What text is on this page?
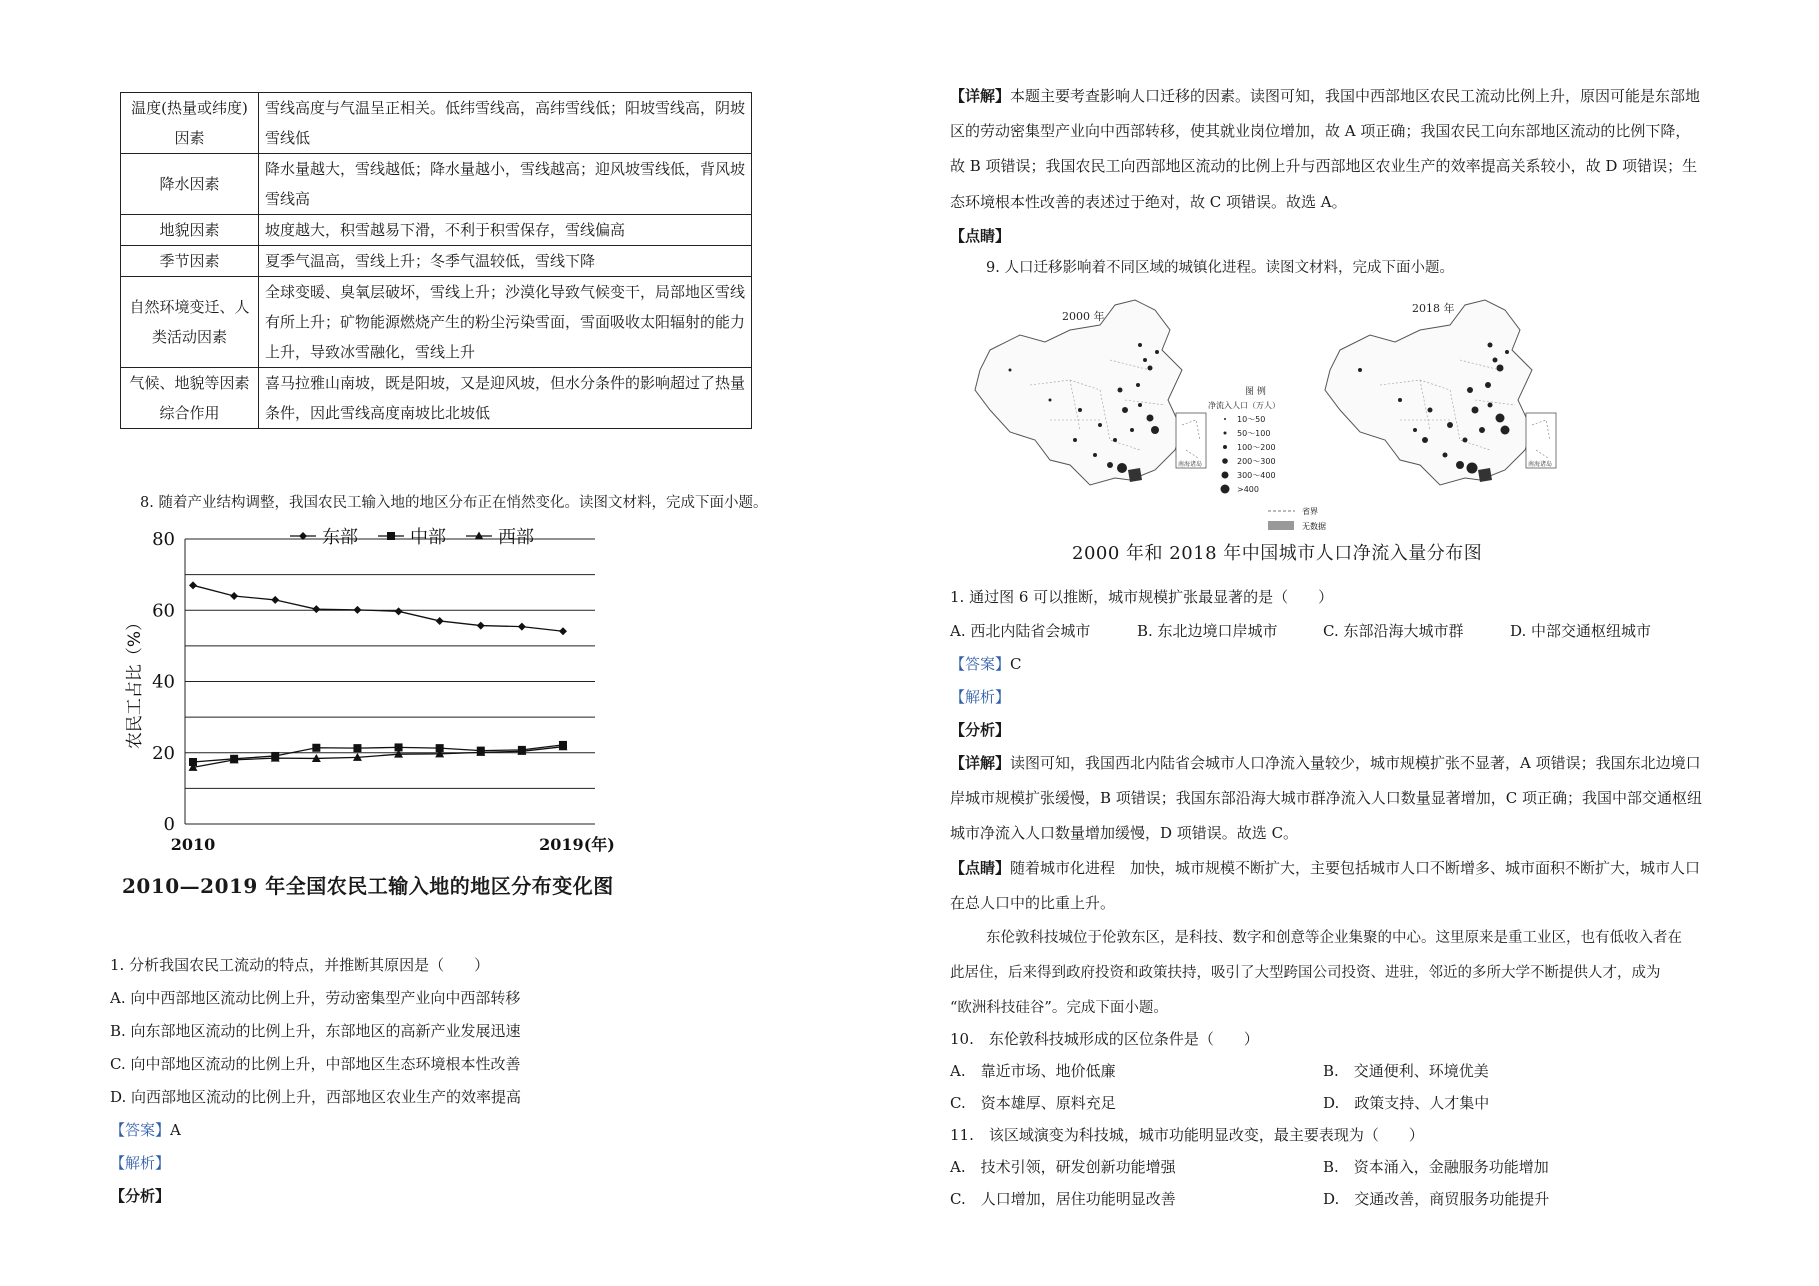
温度(热量或纬度)因素	雪线高度与气温呈正相关。低纬雪线高，高纬雪线低；阳坡雪线高，阴坡雪线低
降水因素	降水量越大，雪线越低；降水量越小，雪线越高；迎风坡雪线低，背风坡雪线高
地貌因素	坡度越大，积雪越易下滑，不利于积雪保存，雪线偏高
季节因素	夏季气温高，雪线上升；冬季气温较低，雪线下降
自然环境变迁、人类活动因素	全球变暖、臭氧层破坏，雪线上升；沙漠化导致气候变干，局部地区雪线有所上升；矿物能源燃烧产生的粉尘污染雪面，雪面吸收太阳辐射的能力上升，导致冰雪融化，雪线上升
气候、地貌等因素综合作用	喜马拉雅山南坡，既是阳坡，又是迎风坡，但水分条件的影响超过了热量条件，因此雪线高度南坡比北坡低
8. 随着产业结构调整，我国农民工输入地的地区分布正在悄然变化。读图文材料，完成下面小题。
0
20
40
60
80
2010	2019(年)
农民工占比（%）
东部	中部	西部
2010—2019 年全国农民工输入地的地区分布变化图
1. 分析我国农民工流动的特点，并推断其原因是（　　）
A. 向中西部地区流动比例上升，劳动密集型产业向中西部转移
B. 向东部地区流动的比例上升，东部地区的高新产业发展迅速
C. 向中部地区流动的比例上升，中部地区生态环境根本性改善
D. 向西部地区流动的比例上升，西部地区农业生产的效率提高
【答案】A
【解析】
【分析】
【详解】本题主要考查影响人口迁移的因素。读图可知，我国中西部地区农民工流动比例上升，原因可能是东部地
区的劳动密集型产业向中西部转移，使其就业岗位增加，故 A 项正确；我国农民工向东部地区流动的比例下降，
故 B 项错误；我国农民工向西部地区流动的比例上升与西部地区农业生产的效率提高关系较小，故 D 项错误；生
态环境根本性改善的表述过于绝对，故 C 项错误。故选 A。
【点睛】
9. 人口迁移影响着不同区域的城镇化进程。读图文材料，完成下面小题。
南海诸岛
2000 年
图 例
净流入人口（万人）
10～50
50～100
100～200
200～300
300～400
>400
省界
无数据
南海诸岛
2018 年
2000 年和 2018 年中国城市人口净流入量分布图
1. 通过图 6 可以推断，城市规模扩张最显著的是（　　）
A. 西北内陆省会城市	B. 东北边境口岸城市	C. 东部沿海大城市群	D. 中部交通枢纽城市
【答案】C
【解析】
【分析】
【详解】读图可知，我国西北内陆省会城市人口净流入量较少，城市规模扩张不显著，A 项错误；我国东北边境口
岸城市规模扩张缓慢，B 项错误；我国东部沿海大城市群净流入人口数量显著增加，C 项正确；我国中部交通枢纽
城市净流入人口数量增加缓慢，D 项错误。故选 C。
【点睛】随着城市化进程　加快，城市规模不断扩大，主要包括城市人口不断增多、城市面积不断扩大，城市人口
在总人口中的比重上升。
东伦敦科技城位于伦敦东区，是科技、数字和创意等企业集聚的中心。这里原来是重工业区，也有低收入者在
此居住，后来得到政府投资和政策扶持，吸引了大型跨国公司投资、进驻，邻近的多所大学不断提供人才，成为
“欧洲科技硅谷”。完成下面小题。
10.　东伦敦科技城形成的区位条件是（　　）
A.　靠近市场、地价低廉	B.　交通便利、环境优美
C.　资本雄厚、原料充足	D.　政策支持、人才集中
11.　该区域演变为科技城，城市功能明显改变，最主要表现为（　　）
A.　技术引领，研发创新功能增强	B.　资本涌入，金融服务功能增加
C.　人口增加，居住功能明显改善	D.　交通改善，商贸服务功能提升
